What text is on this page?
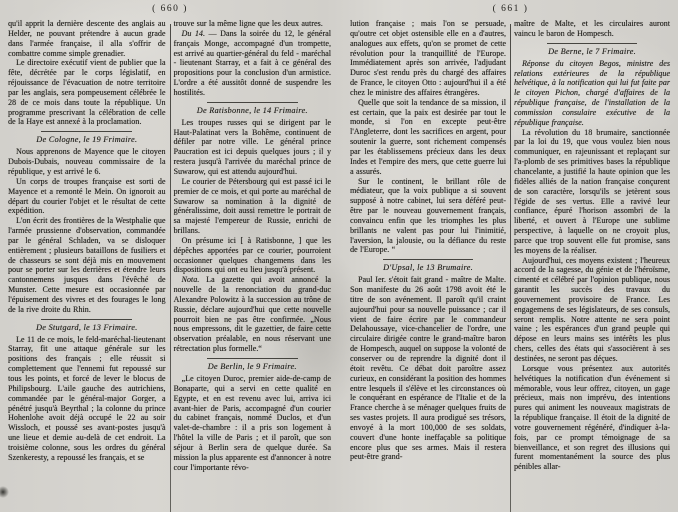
( 660 )

qu'il apprit la dernière descente des anglais au Helder, ne pouvant prétendre à aucun grade dans l'armée française, il alla s'offrir de combattre comme simple grenadier.

Le directoire exécutif vient de publier que la fête, décrétée par le corps législatif, en réjouissance de l'évacuation de notre territoire par les anglais, sera pompeusement célébrée le 28 de ce mois dans toute la république. Un programme prescrivant la célébration de celle de la Haye est annexé à la proclamation.

De Cologne, le 19 Frimaire.

Nous apprenons de Mayence que le citoyen Dubois-Dubais, nouveau commissaire de la république, y est arrivé le 6.

Un corps de troupes française est sorti de Mayence et a remonté le Mein. On ignoroit au départ du courier l'objet et le résultat de cette expédition.

L'on écrit des frontières de la Westphalie que l'armée prussienne d'observation, commandée par le général Schladen, va se disloquer entièrement ; plusieurs bataillons de fusiliers et de chasseurs se sont déjà mis en mouvement pour se porter sur les derrières et étendre leurs cantonnemens jusques dans l'évêché de Munster. Cette mesure est occasionnée par l'épuisement des vivres et des fourages le long de la rive droite du Rhin.

De Stutgard, le 13 Frimaire.

Le 11 de ce mois, le feld-maréchal-lieutenant Starray, fit une attaque générale sur les positions des français ; elle réussit si complettement que l'ennemi fut repoussé sur tous les points, et forcé de lever le blocus de Philipsbourg. L'aile gauche des autrichiens, commandée par le général-major Gorger, a pénétré jusqu'à Beyrthal ; la colonne du prince Hohenlohe avoit déjà occupé le 22 au soir Wissloch, et poussé ses avant-postes jusqu'à une lieue et demie au-delà de cet endroit. La troisième colonne, sous les ordres du général Szenkeresty, a repoussé les français, et se

trouve sur la même ligne que les deux autres.

Du 14. — Dans la soirée du 12, le général français Monge, accompagné d'un trompette, est arrivé au quartier-général du feld - maréchal - lieutenant Starray, et a fait à ce général des propositions pour la conclusion d'un armistice. L'ordre a été aussitôt donné de suspendre les hostilités.

De Ratisbonne, le 14 Frimaire.

Les troupes russes qui se dirigent par le Haut-Palatinat vers la Bohême, continuent de défiler par notre ville. Le général prince Paucration est ici depuis quelques jours ; il y restera jusqu'à l'arrivée du maréchal prince de Suwarow, qui est attendu aujourd'hui.

Le courier de Pétersbourg qui est passé ici le premier de ce mois, et qui porte au maréchal de Suwarow sa nomination à la dignité de généralissime, doit aussi remettre le portrait de sa majesté l'empereur de Russie, enrichi de brillans.

On présume ici [ à Ratisbonne, ] que les dépêches apportées par ce courier, pourroient occasionner quelques changemens dans les dispositions qui ont eu lieu jusqu'à présent.

Nota. La gazette qui avoit annoncé la nouvelle de la renonciation du grand-duc Alexandre Polowitz à la succession au trône de Russie, déclare aujourd'hui que cette nouvelle pourroit bien ne pas être confirmée. „Nous nous empressons, dit le gazettier, de faire cette observation préalable, en nous réservant une rétrectation plus formelle.“

De Berlin, le 9 Frimaire.

„Le citoyen Duroc, premier aide-de-camp de Bonaparte, qui a servi en cette qualité en Egypte, et en est revenu avec lui, arriva ici avant-hier de Paris, accompagné d'un courier du cabinet français, nommé Duclos, et d'un valet-de-chambre : il a pris son logement à l'hôtel la ville de Paris ; et il paroît, que son séjour à Berlin sera de quelque durée. Sa mission la plus apparente est d'annoncer à notre cour l'importante révo-

( 661 )

lution française ; mais l'on se persuade, qu'outre cet objet ostensible elle en a d'autres, analogues aux effets, qu'on se promet de cette révolution pour la tranquillité de l'Europe. Immédiatement après son arrivée, l'adjudant Duroc s'est rendu près du chargé des affaires de France, le citoyen Otto : aujourd'hui il a été chez le ministre des affaires étrangères.

Quelle que soit la tendance de sa mission, il est certain, que la paix est desirée par tout le monde, si l'on en excepte peut-être l'Angleterre, dont les sacrifices en argent, pour soutenir la guerre, sont richement compensés par les établissemens précieux dans les deux Indes et l'empire des mers, que cette guerre lui a assurés.

Sur le continent, le brillant rôle de médiateur, que la voix publique a si souvent supposé à notre cabinet, lui sera déféré peut-être par le nouveau gouvernement français, convaincu enfin que les triomphes les plus brillants ne valent pas pour lui l'inimitié, l'aversion, la jalousie, ou la défiance du reste de l'Europe. “

D'Upsal, le 13 Brumaire.

Paul Ier. s'étoit fait grand - maître de Malte. Son manifeste du 26 août 1798 avoit été le titre de son avénement. Il paroît qu'il craint aujourd'hui pour sa nouvelle puissance ; car il vient de faire écrire par le commandeur Delahoussaye, vice-chancelier de l'ordre, une circulaire dirigée contre le grand-maître baron de Hompesch, auquel on suppose la volonté de conserver ou de reprendre la dignité dont il étoit revêtu. Ce débat doit paroître assez curieux, en considérant la position des hommes entre lesquels il s'élève et les circonstances où le conquérant en espérance de l'Italie et de la France cherche à se ménager quelques fruits de ses vastes projets. Il aura prodigué ses trésors, envoyé à la mort 100,000 de ses soldats, couvert d'une honte ineffaçable sa politique encore plus que ses armes. Mais il restera peut-être grand-

maître de Malte, et les circulaires auront vaincu le baron de Hompesch.

De Berne, le 7 Frimaire.

Réponse du citoyen Begos, ministre des relations extérieures de la république helvétique, à la notification qui lui fut faite par le citoyen Pichon, chargé d'affaires de la république française, de l'installation de la commission consulaire exécutive de la république française.

La révolution du 18 brumaire, sanctionnée par la loi du 19, que vous voulez bien nous communiquer, en rajeunissant et replaçant sur l'a-plomb de ses primitives bases la république chancelante, a justifié la haute opinion que les fidèles alliés de la nation française conçurent de son caractère, lorsqu'ils se jetèrent sous l'égide de ses vertus. Elle a ravivé leur confiance, épuré l'horison assombri de la liberté, et ouvert à l'Europe une sublime perspective, à laquelle on ne croyoit plus, parce que trop souvent elle fut promise, sans les moyens de la réaliser.

Aujourd'hui, ces moyens existent ; l'heureux accord de la sagesse, du génie et de l'héroïsme, cimenté et célébré par l'opinion publique, nous garantit les succès des travaux du gouvernement provisoire de France. Les engagemens de ses législateurs, de ses consuls, seront remplis. Notre attente ne sera point vaine ; les espérances d'un grand peuple qui dépose en leurs mains ses intérêts les plus chers, celles des états qui s'associèrent à ses destinées, ne seront pas déçues.

Lorsque vous présentez aux autorités helvétiques la notification d'un événement si mémorable, vous leur offrez, citoyen, un gage précieux, mais non imprévu, des intentions pures qui animent les nouveaux magistrats de la république française. Il étoit de la dignité de votre gouvernement régénéré, d'indiquer à-la-fois, par ce prompt témoignage de sa bienveillance, et son regret des illusions qui furent momentanément la source des plus pénibles allar-
